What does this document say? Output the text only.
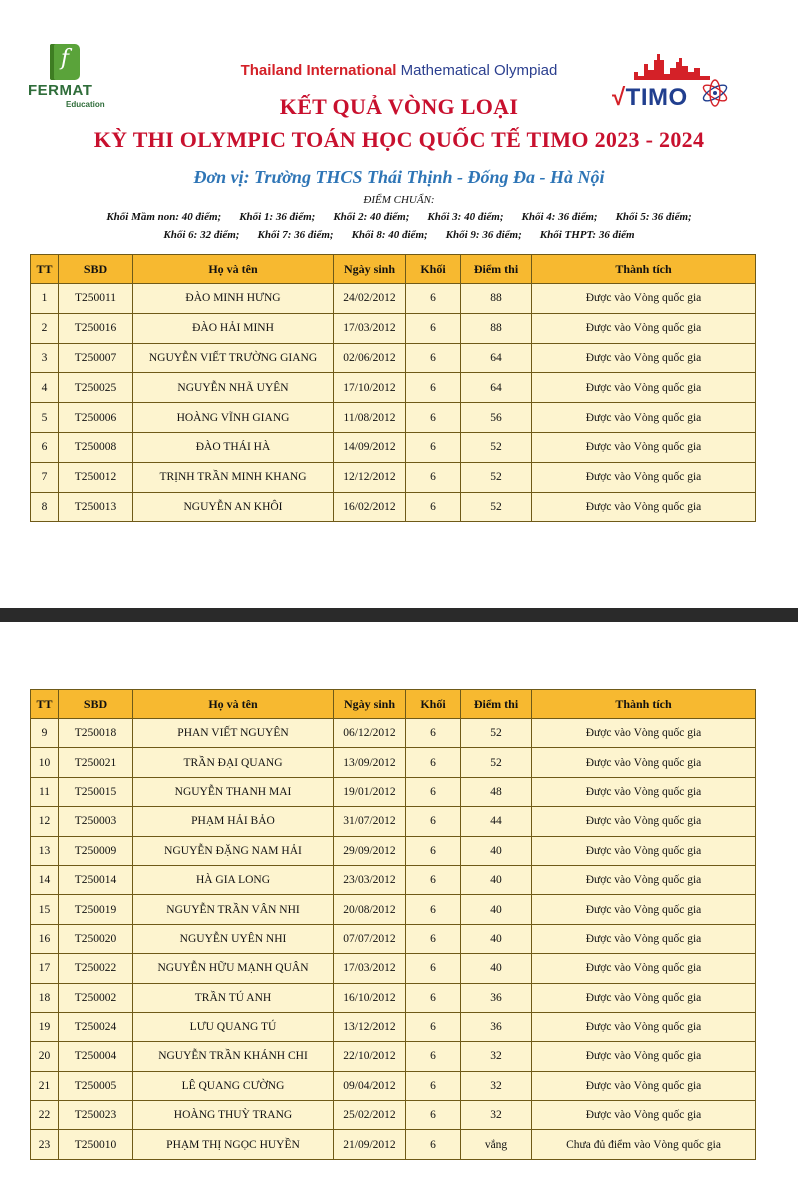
f
FERMAT
Education
Thailand International Mathematical Olympiad
√TIMO
KẾT QUẢ VÒNG LOẠI
KỲ THI OLYMPIC TOÁN HỌC QUỐC TẾ TIMO 2023 - 2024
Đơn vị: Trường THCS Thái Thịnh - Đống Đa - Hà Nội
ĐIỂM CHUẨN:
Khối Mầm non: 40 điểm; Khối 1: 36 điểm; Khối 2: 40 điểm; Khối 3: 40 điểm; Khối 4: 36 điểm; Khối 5: 36 điểm;
Khối 6: 32 điểm; Khối 7: 36 điểm; Khối 8: 40 điểm; Khối 9: 36 điểm; Khối THPT: 36 điểm
TT	SBD	Họ và tên	Ngày sinh	Khối	Điểm thi	Thành tích
1	T250011	ĐÀO MINH HƯNG	24/02/2012	6	88	Được vào Vòng quốc gia
2	T250016	ĐÀO HẢI MINH	17/03/2012	6	88	Được vào Vòng quốc gia
3	T250007	NGUYỄN VIẾT TRƯỜNG GIANG	02/06/2012	6	64	Được vào Vòng quốc gia
4	T250025	NGUYỄN NHÃ UYÊN	17/10/2012	6	64	Được vào Vòng quốc gia
5	T250006	HOÀNG VĨNH GIANG	11/08/2012	6	56	Được vào Vòng quốc gia
6	T250008	ĐÀO THÁI HÀ	14/09/2012	6	52	Được vào Vòng quốc gia
7	T250012	TRỊNH TRẦN MINH KHANG	12/12/2012	6	52	Được vào Vòng quốc gia
8	T250013	NGUYỄN AN KHÔI	16/02/2012	6	52	Được vào Vòng quốc gia
TT	SBD	Họ và tên	Ngày sinh	Khối	Điểm thi	Thành tích
9	T250018	PHAN VIẾT NGUYÊN	06/12/2012	6	52	Được vào Vòng quốc gia
10	T250021	TRẦN ĐẠI QUANG	13/09/2012	6	52	Được vào Vòng quốc gia
11	T250015	NGUYỄN THANH MAI	19/01/2012	6	48	Được vào Vòng quốc gia
12	T250003	PHẠM HẢI BẢO	31/07/2012	6	44	Được vào Vòng quốc gia
13	T250009	NGUYỄN ĐẶNG NAM HẢI	29/09/2012	6	40	Được vào Vòng quốc gia
14	T250014	HÀ GIA LONG	23/03/2012	6	40	Được vào Vòng quốc gia
15	T250019	NGUYỄN TRẦN VÂN NHI	20/08/2012	6	40	Được vào Vòng quốc gia
16	T250020	NGUYỄN UYÊN NHI	07/07/2012	6	40	Được vào Vòng quốc gia
17	T250022	NGUYỄN HỮU MẠNH QUÂN	17/03/2012	6	40	Được vào Vòng quốc gia
18	T250002	TRẦN TÚ ANH	16/10/2012	6	36	Được vào Vòng quốc gia
19	T250024	LƯU QUANG TÚ	13/12/2012	6	36	Được vào Vòng quốc gia
20	T250004	NGUYỄN TRẦN KHÁNH CHI	22/10/2012	6	32	Được vào Vòng quốc gia
21	T250005	LÊ QUANG CƯỜNG	09/04/2012	6	32	Được vào Vòng quốc gia
22	T250023	HOÀNG THUỲ TRANG	25/02/2012	6	32	Được vào Vòng quốc gia
23	T250010	PHẠM THỊ NGỌC HUYỀN	21/09/2012	6	vắng	Chưa đủ điểm vào Vòng quốc gia
